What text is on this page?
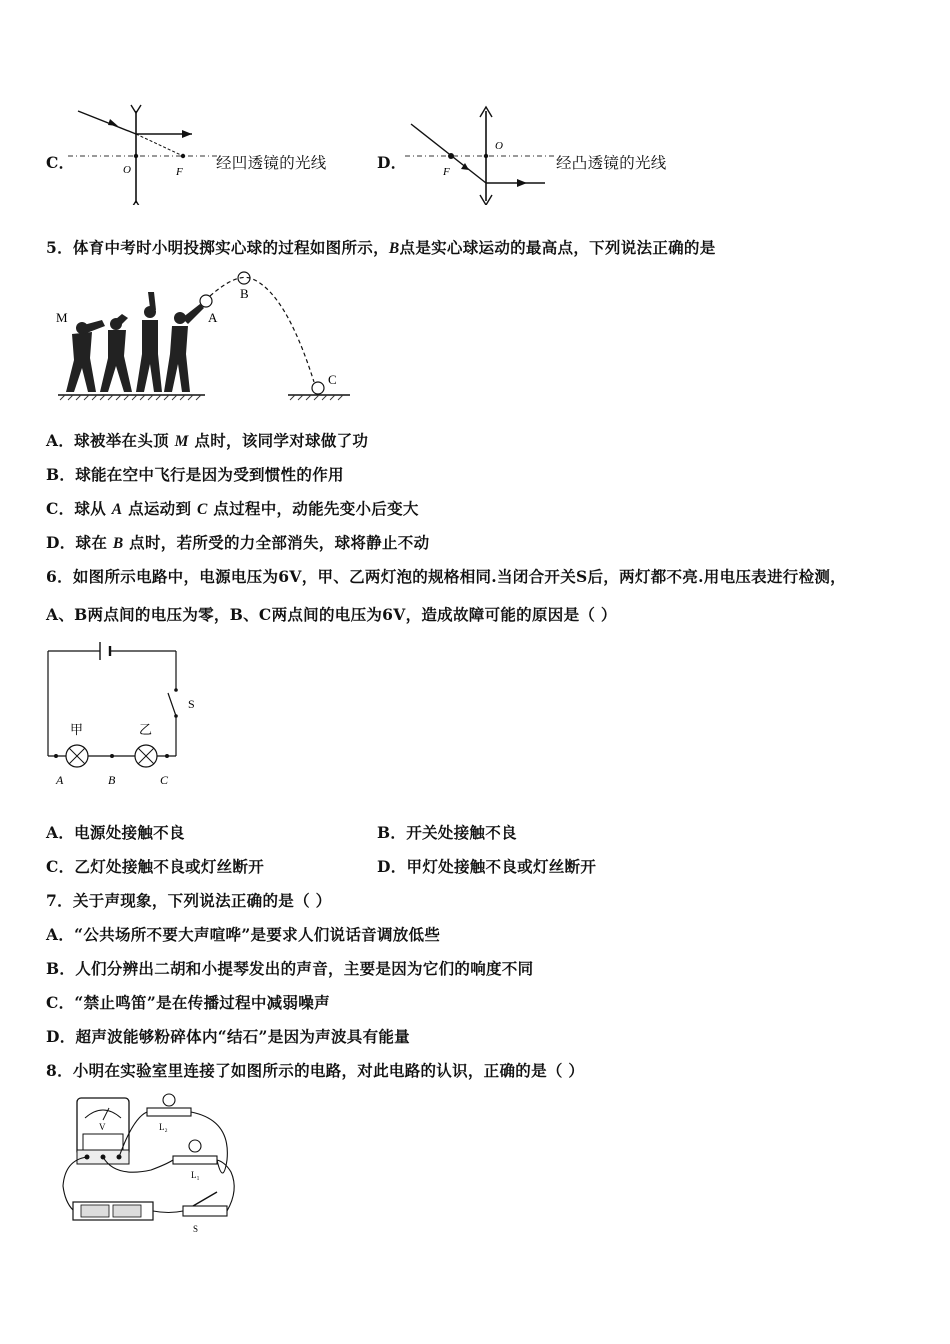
C．	O	F 经凹透镜的光线	D．
O
F	经凸透镜的光线
5．体育中考时小明投掷实心球的过程如图所示，B点是实心球运动的最高点，下列说法正确的是
M	A
B
C
A．球被举在头顶 M 点时，该同学对球做了功
B．球能在空中飞行是因为受到惯性的作用
C．球从 A 点运动到 C 点过程中，动能先变小后变大
D．球在 B 点时，若所受的力全部消失，球将静止不动
6．如图所示电路中，电源电压为6V，甲、乙两灯泡的规格相同.当闭合开关S后，两灯都不亮.用电压表进行检测，
A、B两点间的电压为零，B、C两点间的电压为6V，造成故障可能的原因是（ ）
S
甲	乙
A	B	C
A．电源处接触不良	B．开关处接触不良
C．乙灯处接触不良或灯丝断开	D．甲灯处接触不良或灯丝断开
7．关于声现象，下列说法正确的是（ ）
A．“公共场所不要大声喧哗”是要求人们说话音调放低些
B．人们分辨出二胡和小提琴发出的声音，主要是因为它们的响度不同
C．“禁止鸣笛”是在传播过程中减弱噪声
D．超声波能够粉碎体内“结石”是因为声波具有能量
8．小明在实验室里连接了如图所示的电路，对此电路的认识，正确的是（ ）
V	L₂
L₁
S
